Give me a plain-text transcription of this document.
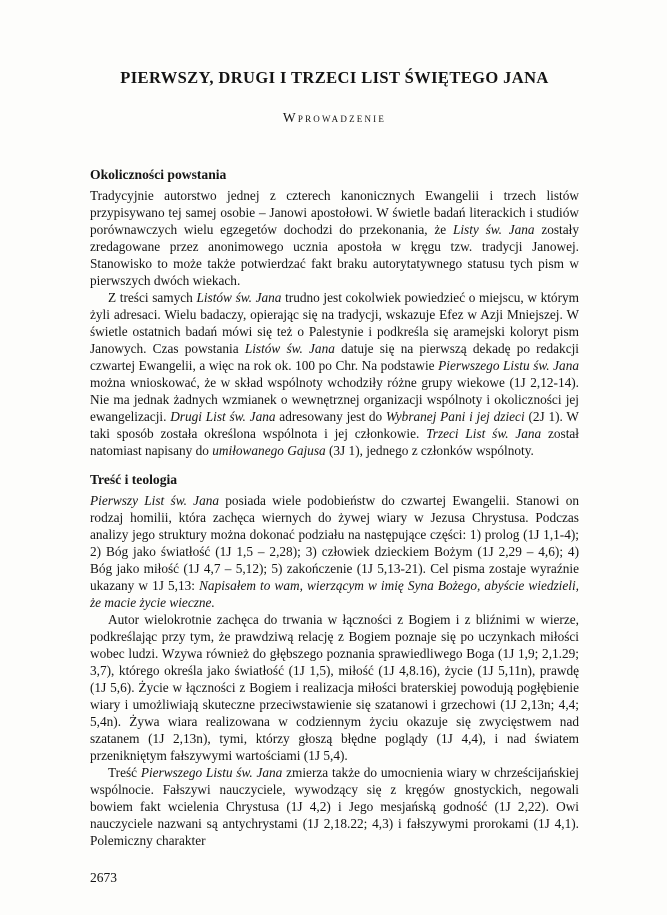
PIERWSZY, DRUGI I TRZECI LIST ŚWIĘTEGO JANA
Wprowadzenie
Okoliczności powstania

Tradycyjnie autorstwo jednej z czterech kanonicznych Ewangelii i trzech listów przypisywano tej samej osobie – Janowi apostołowi. W świetle badań literackich i studiów porównawczych wielu egzegetów dochodzi do przekonania, że Listy św. Jana zostały zredagowane przez anonimowego ucznia apostoła w kręgu tzw. tradycji Janowej. Stanowisko to może także potwierdzać fakt braku autorytatywnego statusu tych pism w pierwszych dwóch wiekach.

Z treści samych Listów św. Jana trudno jest cokolwiek powiedzieć o miejscu, w którym żyli adresaci. Wielu badaczy, opierając się na tradycji, wskazuje Efez w Azji Mniejszej. W świetle ostatnich badań mówi się też o Palestynie i podkreśla się aramejski koloryt pism Janowych. Czas powstania Listów św. Jana datuje się na pierwszą dekadę po redakcji czwartej Ewangelii, a więc na rok ok. 100 po Chr. Na podstawie Pierwszego Listu św. Jana można wnioskować, że w skład wspólnoty wchodziły różne grupy wiekowe (1J 2,12-14). Nie ma jednak żadnych wzmianek o wewnętrznej organizacji wspólnoty i okoliczności jej ewangelizacji. Drugi List św. Jana adresowany jest do Wybranej Pani i jej dzieci (2J 1). W taki sposób została określona wspólnota i jej członkowie. Trzeci List św. Jana został natomiast napisany do umiłowanego Gajusa (3J 1), jednego z członków wspólnoty.

Treść i teologia

Pierwszy List św. Jana posiada wiele podobieństw do czwartej Ewangelii. Stanowi on rodzaj homilii, która zachęca wiernych do żywej wiary w Jezusa Chrystusa. Podczas analizy jego struktury można dokonać podziału na następujące części: 1) prolog (1J 1,1-4); 2) Bóg jako światłość (1J 1,5 – 2,28); 3) człowiek dzieckiem Bożym (1J 2,29 – 4,6); 4) Bóg jako miłość (1J 4,7 – 5,12); 5) zakończenie (1J 5,13-21). Cel pisma zostaje wyraźnie ukazany w 1J 5,13: Napisałem to wam, wierzącym w imię Syna Bożego, abyście wiedzieli, że macie życie wieczne.

Autor wielokrotnie zachęca do trwania w łączności z Bogiem i z bliźnimi w wierze, podkreślając przy tym, że prawdziwą relację z Bogiem poznaje się po uczynkach miłości wobec ludzi. Wzywa również do głębszego poznania sprawiedliwego Boga (1J 1,9; 2,1.29; 3,7), którego określa jako światłość (1J 1,5), miłość (1J 4,8.16), życie (1J 5,11n), prawdę (1J 5,6). Życie w łączności z Bogiem i realizacja miłości braterskiej powodują pogłębienie wiary i umożliwiają skuteczne przeciwstawienie się szatanowi i grzechowi (1J 2,13n; 4,4; 5,4n). Żywa wiara realizowana w codziennym życiu okazuje się zwycięstwem nad szatanem (1J 2,13n), tymi, którzy głoszą błędne poglądy (1J 4,4), i nad światem przenikniętym fałszywymi wartościami (1J 5,4).

Treść Pierwszego Listu św. Jana zmierza także do umocnienia wiary w chrześcijańskiej wspólnocie. Fałszywi nauczyciele, wywodzący się z kręgów gnostyckich, negowali bowiem fakt wcielenia Chrystusa (1J 4,2) i Jego mesjańską godność (1J 2,22). Owi nauczyciele nazwani są antychrystami (1J 2,18.22; 4,3) i fałszywymi prorokami (1J 4,1). Polemiczny charakter

2673
